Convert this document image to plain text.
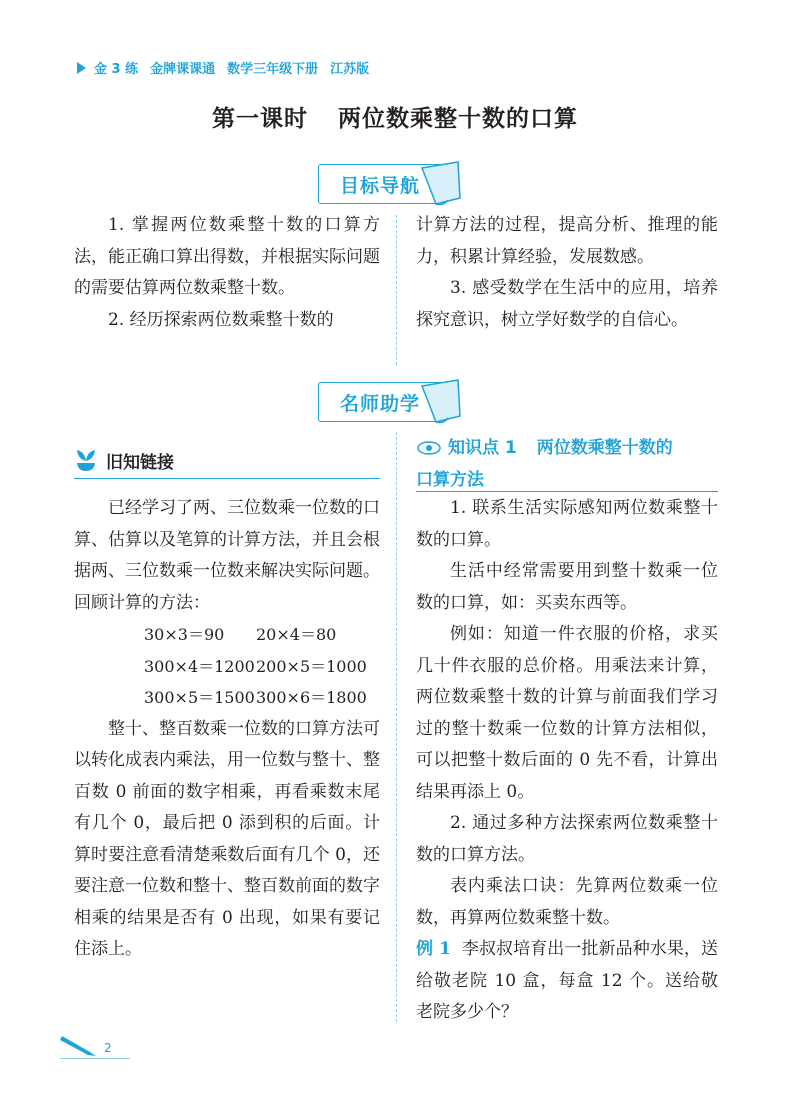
金 3 练 金牌课课通 数学三年级下册 江苏版
第一课时 两位数乘整十数的口算
目标导航

1. 掌握两位数乘整十数的口算方法，能正确口算出得数，并根据实际问题的需要估算两位数乘整十数。

2. 经历探索两位数乘整十数的

计算方法的过程，提高分析、推理的能力，积累计算经验，发展数感。

3. 感受数学在生活中的应用，培养探究意识，树立学好数学的自信心。

名师助学
旧知链接

已经学习了两、三位数乘一位数的口算、估算以及笔算的计算方法，并且会根据两、三位数乘一位数来解决实际问题。回顾计算的方法：

30×3＝90	20×4＝80
300×4＝1200 200×5＝1000
300×5＝1500 300×6＝1800

整十、整百数乘一位数的口算方法可以转化成表内乘法，用一位数与整十、整百数 0 前面的数字相乘，再看乘数末尾有几个 0，最后把 0 添到积的后面。计算时要注意看清楚乘数后面有几个 0，还要注意一位数和整十、整百数前面的数字相乘的结果是否有 0 出现，如果有要记住添上。

知识点 1 两位数乘整十数的
口算方法

1. 联系生活实际感知两位数乘整十数的口算。

生活中经常需要用到整十数乘一位数的口算，如：买卖东西等。

例如：知道一件衣服的价格，求买几十件衣服的总价格。用乘法来计算，两位数乘整十数的计算与前面我们学习过的整十数乘一位数的计算方法相似，可以把整十数后面的 0 先不看，计算出结果再添上 0。

2. 通过多种方法探索两位数乘整十数的口算方法。

表内乘法口诀：先算两位数乘一位数，再算两位数乘整十数。

例 1 李叔叔培育出一批新品种水果，送给敬老院 10 盒，每盒 12 个。送给敬老院多少个？

2
